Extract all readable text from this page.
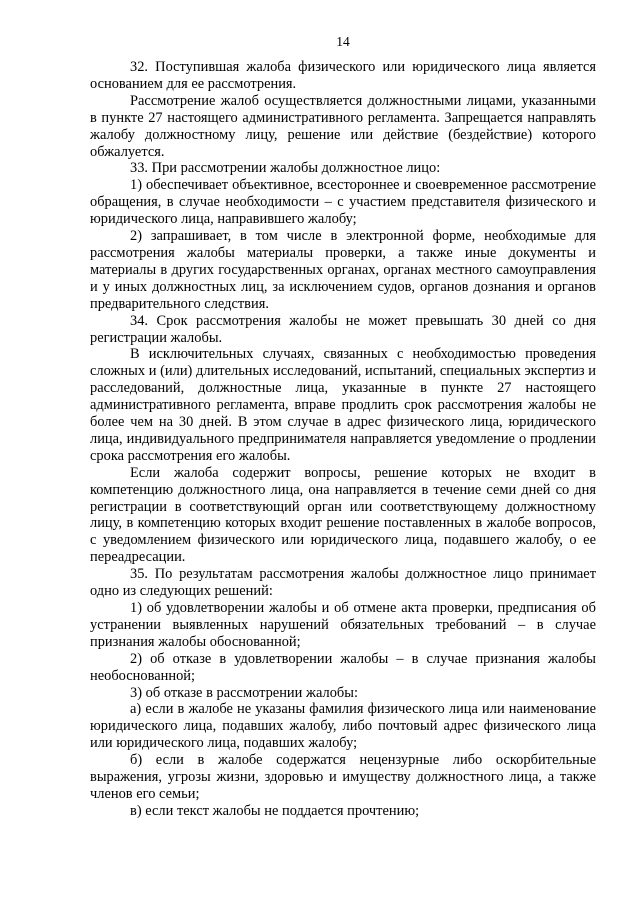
14

32. Поступившая жалоба физического или юридического лица является основанием для ее рассмотрения.

Рассмотрение жалоб осуществляется должностными лицами, указанными в пункте 27 настоящего административного регламента. Запрещается направлять жалобу должностному лицу, решение или действие (бездействие) которого обжалуется.

33. При рассмотрении жалобы должностное лицо:

1) обеспечивает объективное, всестороннее и своевременное рассмотрение обращения, в случае необходимости – с участием представителя физического и юридического лица, направившего жалобу;

2) запрашивает, в том числе в электронной форме, необходимые для рассмотрения жалобы материалы проверки, а также иные документы и материалы в других государственных органах, органах местного самоуправления и у иных должностных лиц, за исключением судов, органов дознания и органов предварительного следствия.

34. Срок рассмотрения жалобы не может превышать 30 дней со дня регистрации жалобы.

В исключительных случаях, связанных с необходимостью проведения сложных и (или) длительных исследований, испытаний, специальных экспертиз и расследований, должностные лица, указанные в пункте 27 настоящего административного регламента, вправе продлить срок рассмотрения жалобы не более чем на 30 дней. В этом случае в адрес физического лица, юридического лица, индивидуального предпринимателя направляется уведомление о продлении срока рассмотрения его жалобы.

Если жалоба содержит вопросы, решение которых не входит в компетенцию должностного лица, она направляется в течение семи дней со дня регистрации в соответствующий орган или соответствующему должностному лицу, в компетенцию которых входит решение поставленных в жалобе вопросов, с уведомлением физического или юридического лица, подавшего жалобу, о ее переадресации.

35. По результатам рассмотрения жалобы должностное лицо принимает одно из следующих решений:

1) об удовлетворении жалобы и об отмене акта проверки, предписания об устранении выявленных нарушений обязательных требований – в случае признания жалобы обоснованной;

2) об отказе в удовлетворении жалобы – в случае признания жалобы необоснованной;

3) об отказе в рассмотрении жалобы:

а) если в жалобе не указаны фамилия физического лица или наименование юридического лица, подавших жалобу, либо почтовый адрес физического лица или юридического лица, подавших жалобу;

б) если в жалобе содержатся нецензурные либо оскорбительные выражения, угрозы жизни, здоровью и имуществу должностного лица, а также членов его семьи;

в) если текст жалобы не поддается прочтению;
